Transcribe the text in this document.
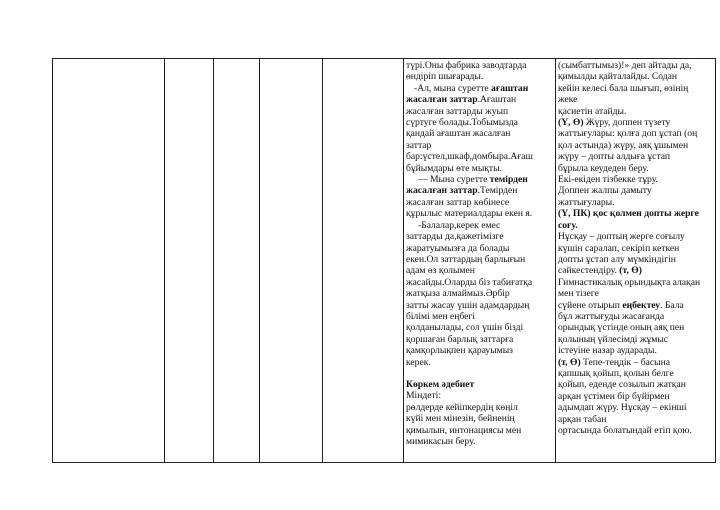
түрі.Оны фабрика заводтарда
өндіріп шығарады.
-Ал, мына суретте ағаштан
жасалған заттар.Ағаштан
жасалған заттарды жуып
сүртуге болады.Тобымызда
қандай ағаштан жасалған
заттар
бар:үстел,шкаф,домбыра.Ағаш
бұйымдары өте мықты.
— Мына суретте темірден
жасалған заттар.Темірден
жасалған заттар көбінесе
құрылыс материалдары екен я.
-Балалар,керек емес
заттарды да,қажетімізге
жаратуымызға да болады
екен.Ол заттардың барлығын
адам өз қолымен
жасайды.Оларды біз табиғатқа
жатқыза алмаймыз.Әрбір
затты жасау үшін адамдардың
білімі мен еңбегі
қолданылады, сол үшін бізді
қоршаған барлық заттарға
қамқорлықпен қарауымыз
керек.
Көркем әдебиет
Міндеті:
рөлдерде кейіпкердің көңіл
күйі мен мінезін, бейненің
қимылын, интонациясы мен
мимикасын беру.

(сымбаттымыз)!» деп айтады да,
қимылды қайталайды. Содан
кейін келесі бала шығып, өзінің
жеке
қасиетін атайды.
(Ү, Ө) Жүру, доппен түзету
жаттығулары: қолға доп ұстап (оң
қол астында) жүру, аяқ ұшымен
жүру – допты алдыға ұстап
бұрыла кеудеден беру.
Екі-екіден тізбекке тұру.
Доппен жалпы дамыту
жаттығулары.
(Ү, ПК) қос қолмен допты жерге
соғу.
Нұсқау – доптың жерге соғылу
күшін саралап, секіріп кеткен
допты ұстап алу мүмкіндігін
сәйкестендіру. (т, Ө)
Гимнастикалық орындықта алақан
мен тізеге
сүйене отырып еңбектеу. Бала
бұл жаттығуды жасағанда
орындық үстінде оның аяқ пен
қолының үйлесімді жұмыс
істеуіне назар аударады.
(т, Ө) Тепе-теңдік – басына
қапшық қойып, қолын белге
қойып, еденде созылып жатқан
арқан үстімен бір бүйірмен
адымдап жүру. Нұсқау – екінші
арқан табан
ортасында болатындай етіп қою.
